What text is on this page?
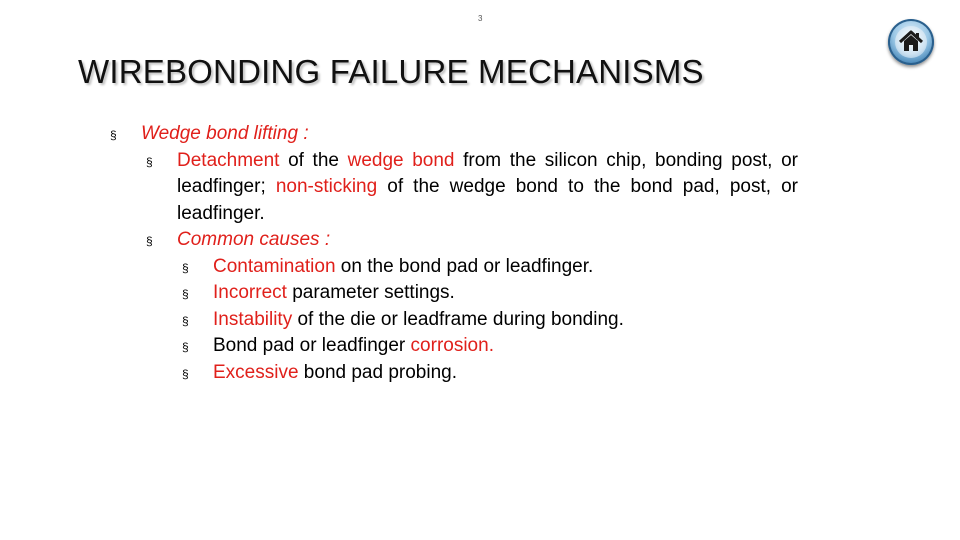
3
WIREBONDING FAILURE MECHANISMS
§ Wedge bond lifting :
§ Detachment of the wedge bond from the silicon chip, bonding post, or leadfinger; non-sticking of the wedge bond to the bond pad, post, or leadfinger.
§ Common causes :
§ Contamination on the bond pad or leadfinger.
§ Incorrect parameter settings.
§ Instability of the die or leadframe during bonding.
§ Bond pad or leadfinger corrosion.
§ Excessive bond pad probing.
